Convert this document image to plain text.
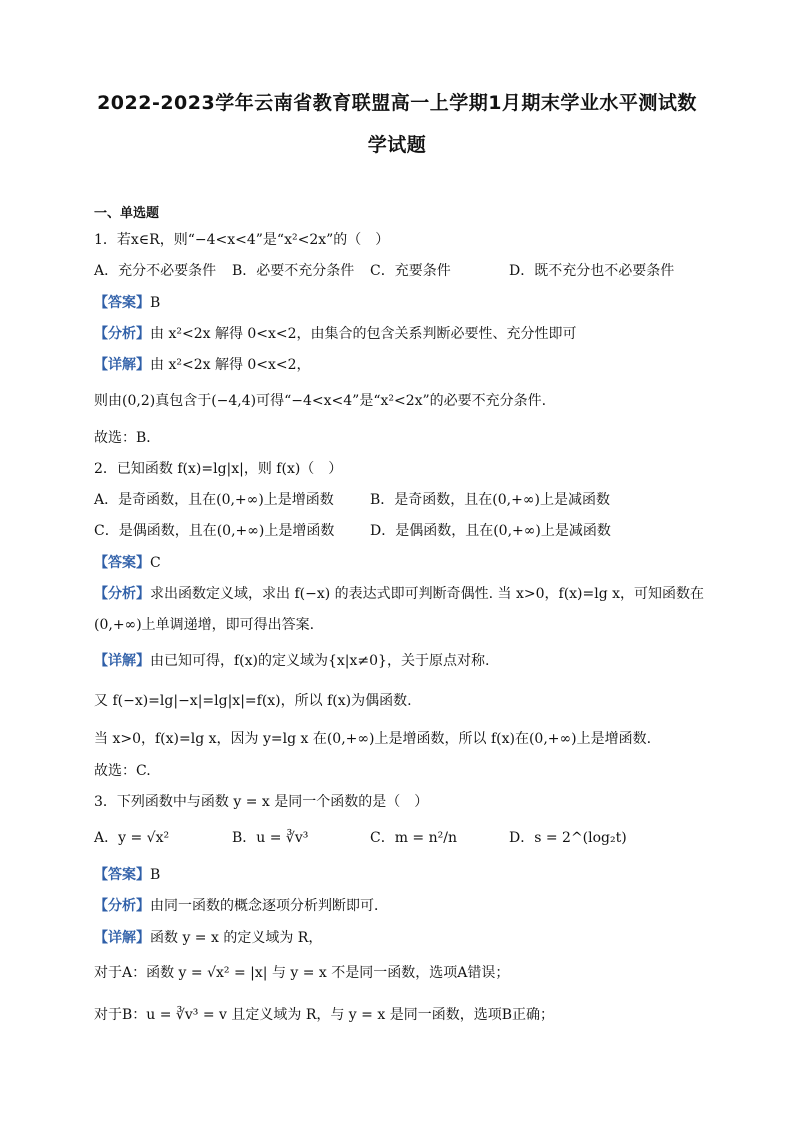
2022-2023学年云南省教育联盟高一上学期1月期末学业水平测试数
学试题
一、单选题
1．若x∈R，则“−4<x<4”是“x²<2x”的（　）
A．充分不必要条件 B．必要不充分条件 C．充要条件	D．既不充分也不必要条件
【答案】B
【分析】由 x²<2x 解得 0<x<2，由集合的包含关系判断必要性、充分性即可
【详解】由 x²<2x 解得 0<x<2，
则由(0,2)真包含于(−4,4)可得“−4<x<4”是“x²<2x”的必要不充分条件.
故选：B．
2．已知函数 f(x)=lg|x|，则 f(x)（　）
A．是奇函数，且在(0,+∞)上是增函数	B．是奇函数，且在(0,+∞)上是减函数
C．是偶函数，且在(0,+∞)上是增函数	D．是偶函数，且在(0,+∞)上是减函数
【答案】C
【分析】求出函数定义域，求出 f(−x) 的表达式即可判断奇偶性. 当 x>0，f(x)=lg x，可知函数在
(0,+∞)上单调递增，即可得出答案.
【详解】由已知可得，f(x)的定义域为{x|x≠0}，关于原点对称.
又 f(−x)=lg|−x|=lg|x|=f(x)，所以 f(x)为偶函数.
当 x>0，f(x)=lg x，因为 y=lg x 在(0,+∞)上是增函数，所以 f(x)在(0,+∞)上是增函数.
故选：C.
3．下列函数中与函数 y = x 是同一个函数的是（　）
A．y = √x²	B．u = ∛v³	C．m = n²/n	D．s = 2^(log₂t)
【答案】B
【分析】由同一函数的概念逐项分析判断即可．
【详解】函数 y = x 的定义域为 R，
对于A：函数 y = √x² = |x| 与 y = x 不是同一函数，选项A错误；
对于B：u = ∛v³ = v 且定义域为 R，与 y = x 是同一函数，选项B正确；
